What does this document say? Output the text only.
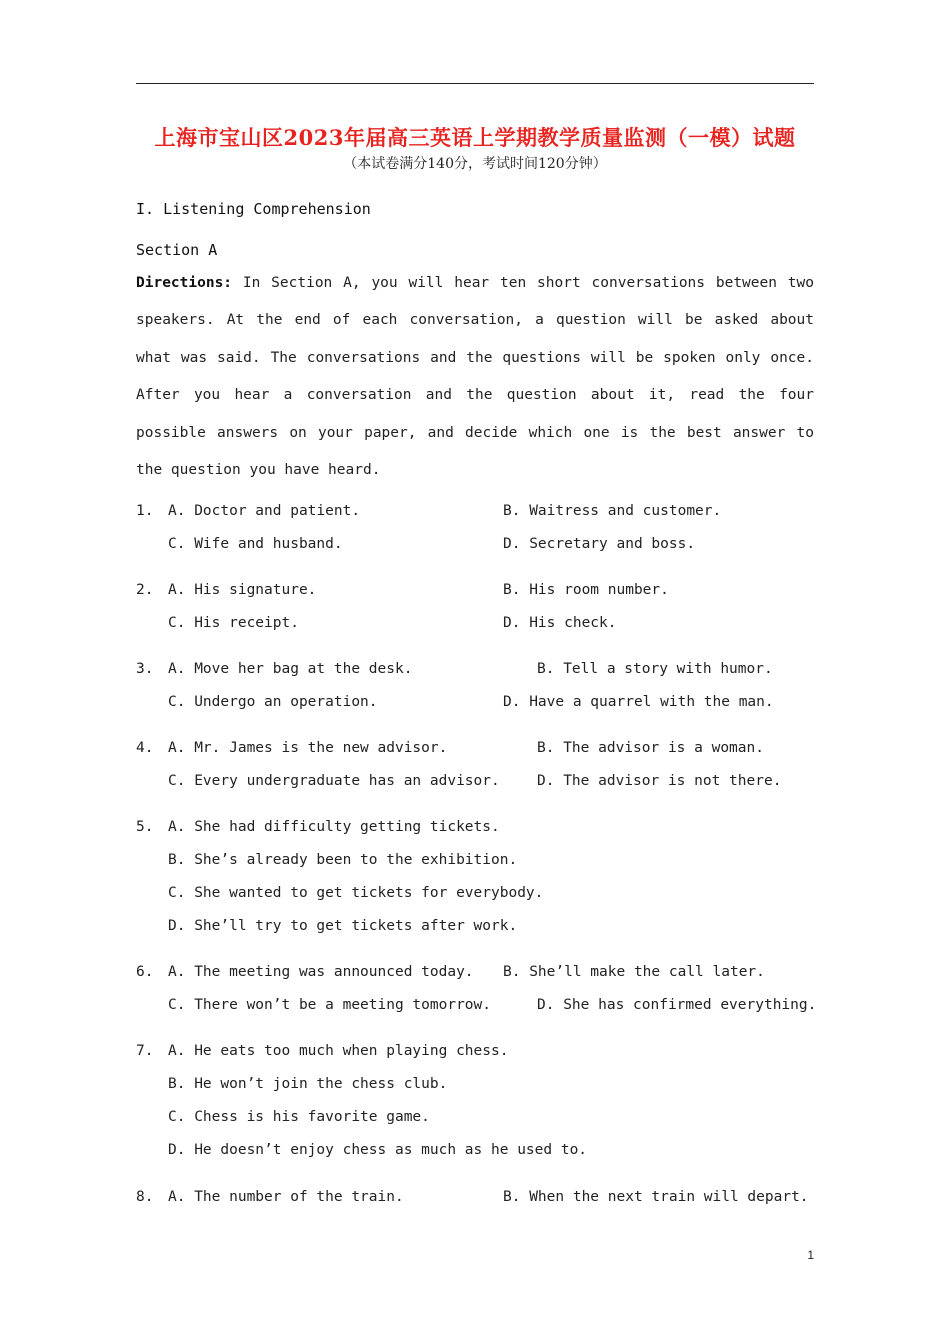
上海市宝山区2023年届高三英语上学期教学质量监测（一模）试题
（本试卷满分140分，考试时间120分钟）
I. Listening Comprehension
Section A
Directions: In Section A, you will hear ten short conversations between two speakers. At the end of each conversation, a question will be asked about what was said. The conversations and the questions will be spoken only once. After you hear a conversation and the question about it, read the four possible answers on your paper, and decide which one is the best answer to the question you have heard.
1. A. Doctor and patient.	B. Waitress and customer.
C. Wife and husband.	D. Secretary and boss.
2. A. His signature.	B. His room number.
C. His receipt.	D. His check.
3. A. Move her bag at the desk.	B. Tell a story with humor.
C. Undergo an operation.	D. Have a quarrel with the man.
4. A. Mr. James is the new advisor.	B. The advisor is a woman.
C. Every undergraduate has an advisor.	D. The advisor is not there.
5. A. She had difficulty getting tickets.
B. She’s already been to the exhibition.
C. She wanted to get tickets for everybody.
D. She’ll try to get tickets after work.
6. A. The meeting was announced today. B. She’ll make the call later.
C. There won’t be a meeting tomorrow.	D. She has confirmed everything.
7. A. He eats too much when playing chess.
B. He won’t join the chess club.
C. Chess is his favorite game.
D. He doesn’t enjoy chess as much as he used to.
8. A. The number of the train.	B. When the next train will depart.
1
